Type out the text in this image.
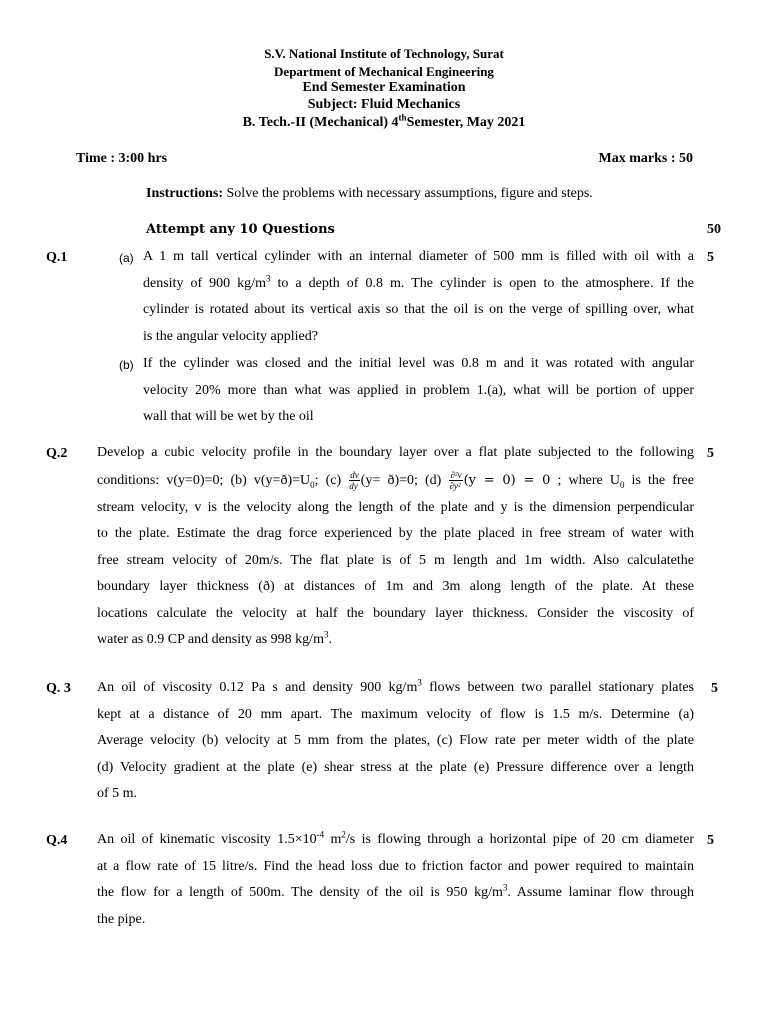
S.V. National Institute of Technology, Surat
Department of Mechanical Engineering
End Semester Examination
Subject: Fluid Mechanics
B. Tech.-II (Mechanical) 4thSemester, May 2021
Time : 3:00 hrs	Max marks : 50
Instructions: Solve the problems with necessary assumptions, figure and steps.
Attempt any 10 Questions	50
Q.1	5
(a) A 1 m tall vertical cylinder with an internal diameter of 500 mm is filled with oil with a
density of 900 $kg/m^3$ to a depth of 0.8 m. The cylinder is open to the atmosphere. If the
cylinder is rotated about its vertical axis so that the oil is on the verge of spilling over, what
is the angular velocity applied?
(b) If the cylinder was closed and the initial level was 0.8 m and it was rotated with angular
velocity 20% more than what was applied in problem 1.(a), what will be portion of upper
wall that will be wet by the oil
Q.2	5
Develop a cubic velocity profile in the boundary layer over a flat plate subjected to the following
conditions: v(y=0)=0; (b) $v(y=ð)=U_0$; $(c) \frac{dv}{dy} (y=$ ð)=0; $(d) \frac{\text{∂²v}}{\text{∂y²}} (y = 0) = 0$ ; where $U_0$ is the free
stream velocity, v is the velocity along the length of the plate and y is the dimension perpendicular
to the plate. Estimate the drag force experienced by the plate placed in free stream of water with
free stream velocity of 20m/s. The flat plate is of 5 m length and 1m width. Also calculatethe
boundary layer thickness (ð) at distances of 1m and 3m along length of the plate. At these
locations calculate the velocity at half the boundary layer thickness. Consider the viscosity of
water as 0.9 CP and density as 998 $kg/m^3$.
Q. 3	5
An oil of viscosity 0.12 Pa s and density 900 $kg/m^3$ flows between two parallel stationary plates
kept at a distance of 20 mm apart. The maximum velocity of flow is 1.5 m/s. Determine (a)
Average velocity (b) velocity at 5 mm from the plates, (c) Flow rate per meter width of the plate
(d) Velocity gradient at the plate (e) shear stress at the plate (e) Pressure difference over a length
of 5 m.
Q.4	5
An oil of kinematic viscosity $1.5\times 10^{-4}$ $m^2/s$ is flowing through a horizontal pipe of 20 cm diameter
at a flow rate of 15 litre/s. Find the head loss due to friction factor and power required to maintain
the flow for a length of 500m. The density of the oil is 950 $kg/m^3$. Assume laminar flow through
the pipe.
